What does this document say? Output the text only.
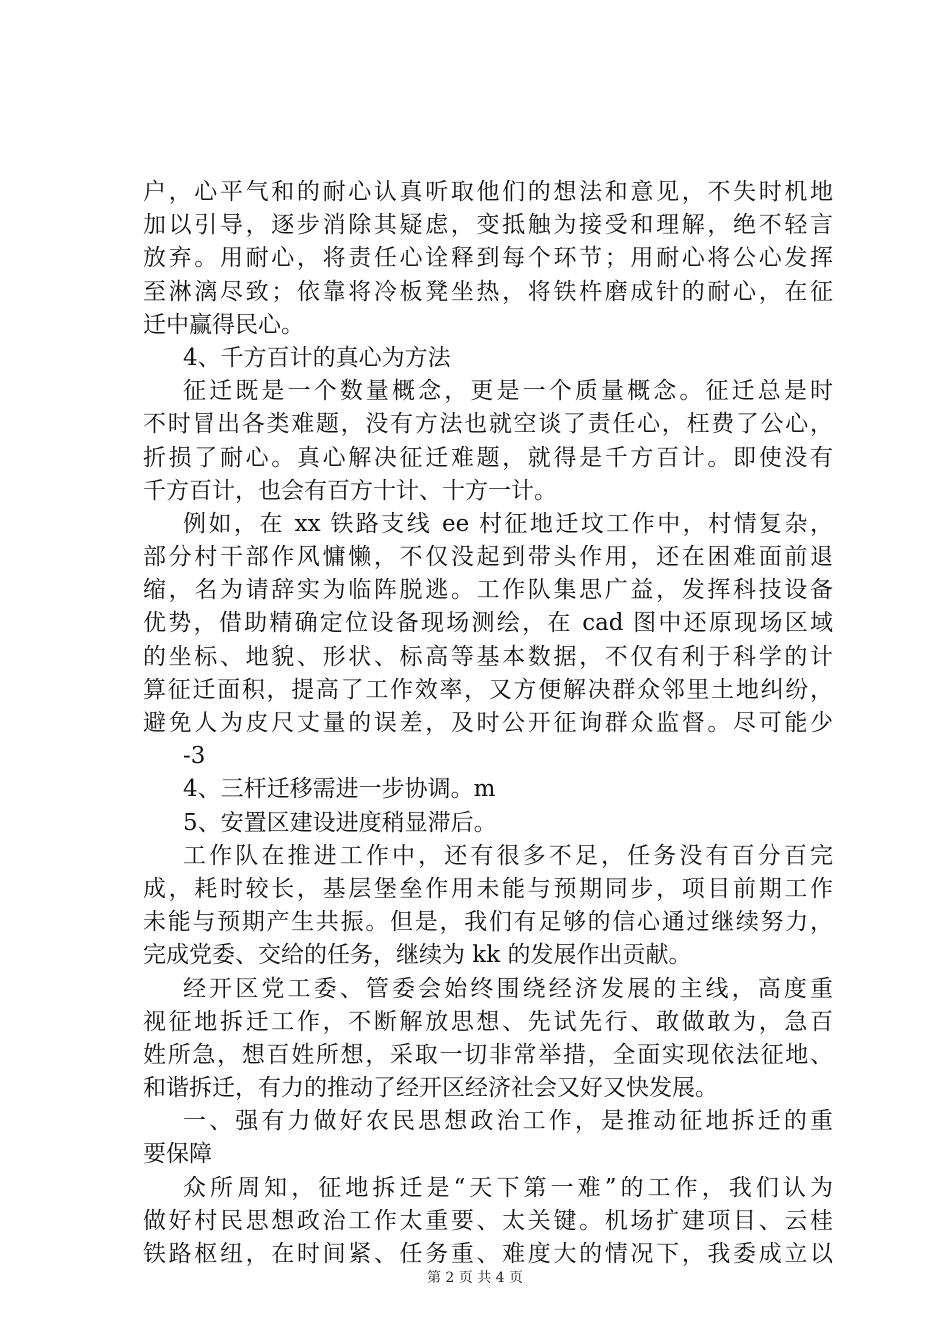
户，心平气和的耐心认真听取他们的想法和意见，不失时机地
加以引导，逐步消除其疑虑，变抵触为接受和理解，绝不轻言
放弃。用耐心，将责任心诠释到每个环节；用耐心将公心发挥
至淋漓尽致；依靠将冷板凳坐热，将铁杵磨成针的耐心，在征
迁中赢得民心。
4、千方百计的真心为方法
征迁既是一个数量概念，更是一个质量概念。征迁总是时
不时冒出各类难题，没有方法也就空谈了责任心，枉费了公心，
折损了耐心。真心解决征迁难题，就得是千方百计。即使没有
千方百计，也会有百方十计、十方一计。
例如，在 xx 铁路支线 ee 村征地迁坟工作中，村情复杂，
部分村干部作风慵懒，不仅没起到带头作用，还在困难面前退
缩，名为请辞实为临阵脱逃。工作队集思广益，发挥科技设备
优势，借助精确定位设备现场测绘，在 cad 图中还原现场区域
的坐标、地貌、形状、标高等基本数据，不仅有利于科学的计
算征迁面积，提高了工作效率，又方便解决群众邻里土地纠纷，
避免人为皮尺丈量的误差，及时公开征询群众监督。尽可能少
-3
4、三杆迁移需进一步协调。m
5、安置区建设进度稍显滞后。
工作队在推进工作中，还有很多不足，任务没有百分百完
成，耗时较长，基层堡垒作用未能与预期同步，项目前期工作
未能与预期产生共振。但是，我们有足够的信心通过继续努力，
完成党委、交给的任务，继续为 kk 的发展作出贡献。
经开区党工委、管委会始终围绕经济发展的主线，高度重
视征地拆迁工作，不断解放思想、先试先行、敢做敢为，急百
姓所急，想百姓所想，采取一切非常举措，全面实现依法征地、
和谐拆迁，有力的推动了经开区经济社会又好又快发展。
一、强有力做好农民思想政治工作，是推动征地拆迁的重
要保障
众所周知，征地拆迁是“天下第一难”的工作，我们认为
做好村民思想政治工作太重要、太关键。机场扩建项目、云桂
铁路枢纽，在时间紧、任务重、难度大的情况下，我委成立以
第 2 页 共 4 页
